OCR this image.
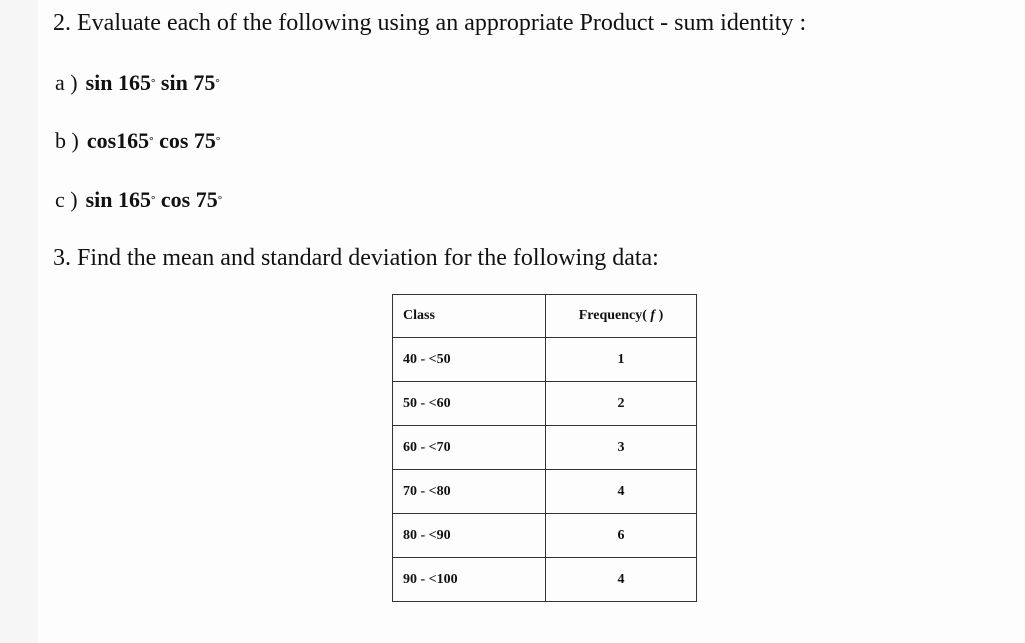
2. Evaluate each of the following using an appropriate Product - sum identity :
a ) sin 165° sin 75°
b ) cos165° cos 75°
c ) sin 165° cos 75°
3. Find the mean and standard deviation for the following data:
Class	Frequency( f )
40 - <50	1
50 - <60	2
60 - <70	3
70 - <80	4
80 - <90	6
90 - <100	4
